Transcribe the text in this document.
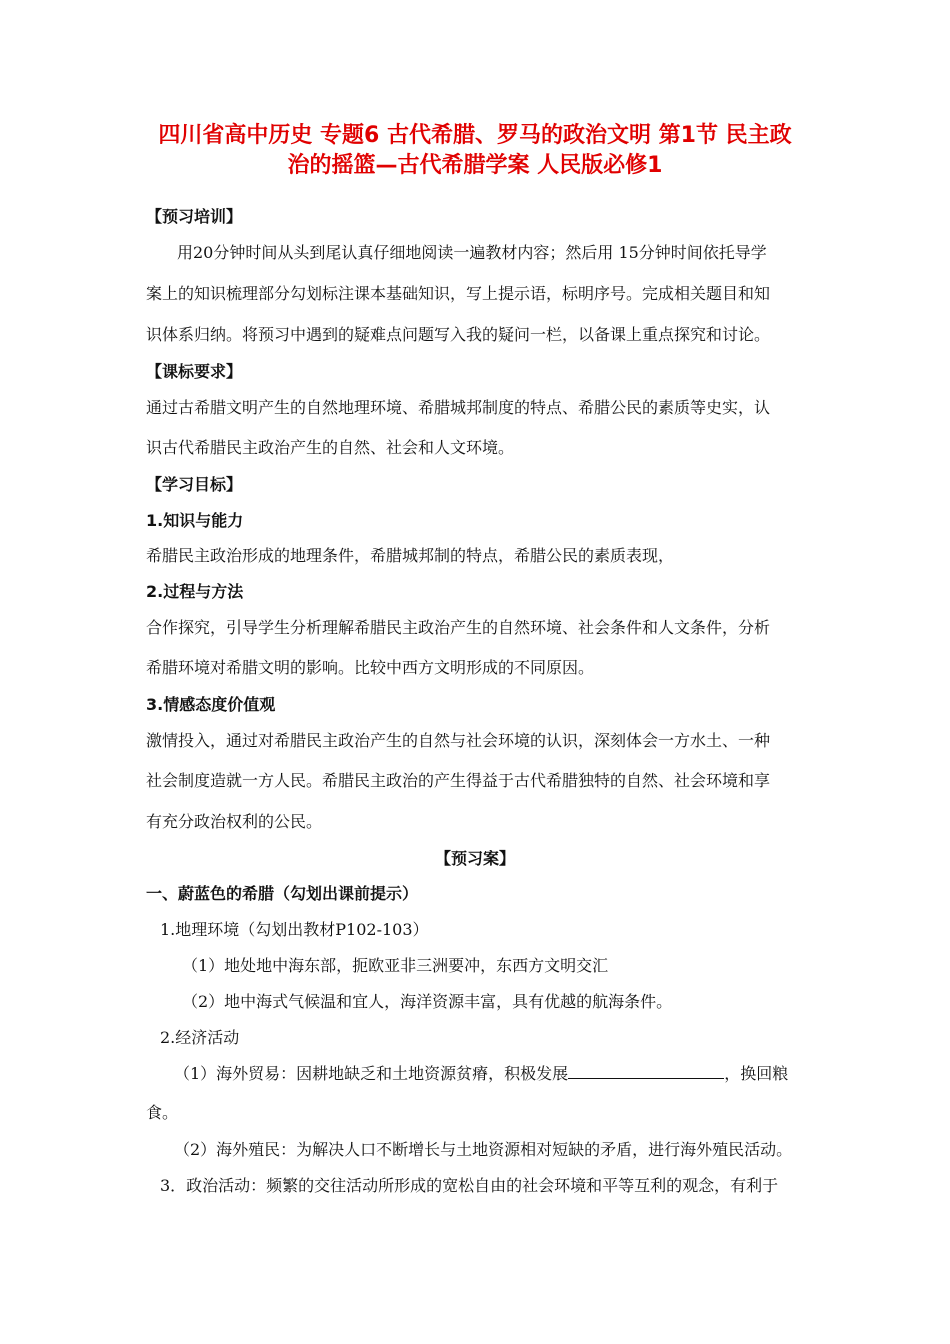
四川省高中历史 专题6 古代希腊、罗马的政治文明 第1节 民主政
治的摇篮—古代希腊学案 人民版必修1
【预习培训】
用20分钟时间从头到尾认真仔细地阅读一遍教材内容；然后用 15分钟时间依托导学
案上的知识梳理部分勾划标注课本基础知识，写上提示语，标明序号。完成相关题目和知
识体系归纳。将预习中遇到的疑难点问题写入我的疑问一栏，以备课上重点探究和讨论。
【课标要求】
通过古希腊文明产生的自然地理环境、希腊城邦制度的特点、希腊公民的素质等史实，认
识古代希腊民主政治产生的自然、社会和人文环境。
【学习目标】
1.知识与能力
希腊民主政治形成的地理条件，希腊城邦制的特点，希腊公民的素质表现，
2.过程与方法
合作探究，引导学生分析理解希腊民主政治产生的自然环境、社会条件和人文条件，分析
希腊环境对希腊文明的影响。比较中西方文明形成的不同原因。
3.情感态度价值观
激情投入，通过对希腊民主政治产生的自然与社会环境的认识，深刻体会一方水土、一种
社会制度造就一方人民。希腊民主政治的产生得益于古代希腊独特的自然、社会环境和享
有充分政治权利的公民。
【预习案】
一、蔚蓝色的希腊（勾划出课前提示）
1.地理环境（勾划出教材P102-103）
（1）地处地中海东部，扼欧亚非三洲要冲，东西方文明交汇
（2）地中海式气候温和宜人，海洋资源丰富，具有优越的航海条件。
2.经济活动
（1）海外贸易：因耕地缺乏和土地资源贫瘠，积极发展	，换回粮
食。
（2）海外殖民：为解决人口不断增长与土地资源相对短缺的矛盾，进行海外殖民活动。
3．政治活动：频繁的交往活动所形成的宽松自由的社会环境和平等互利的观念，有利于
